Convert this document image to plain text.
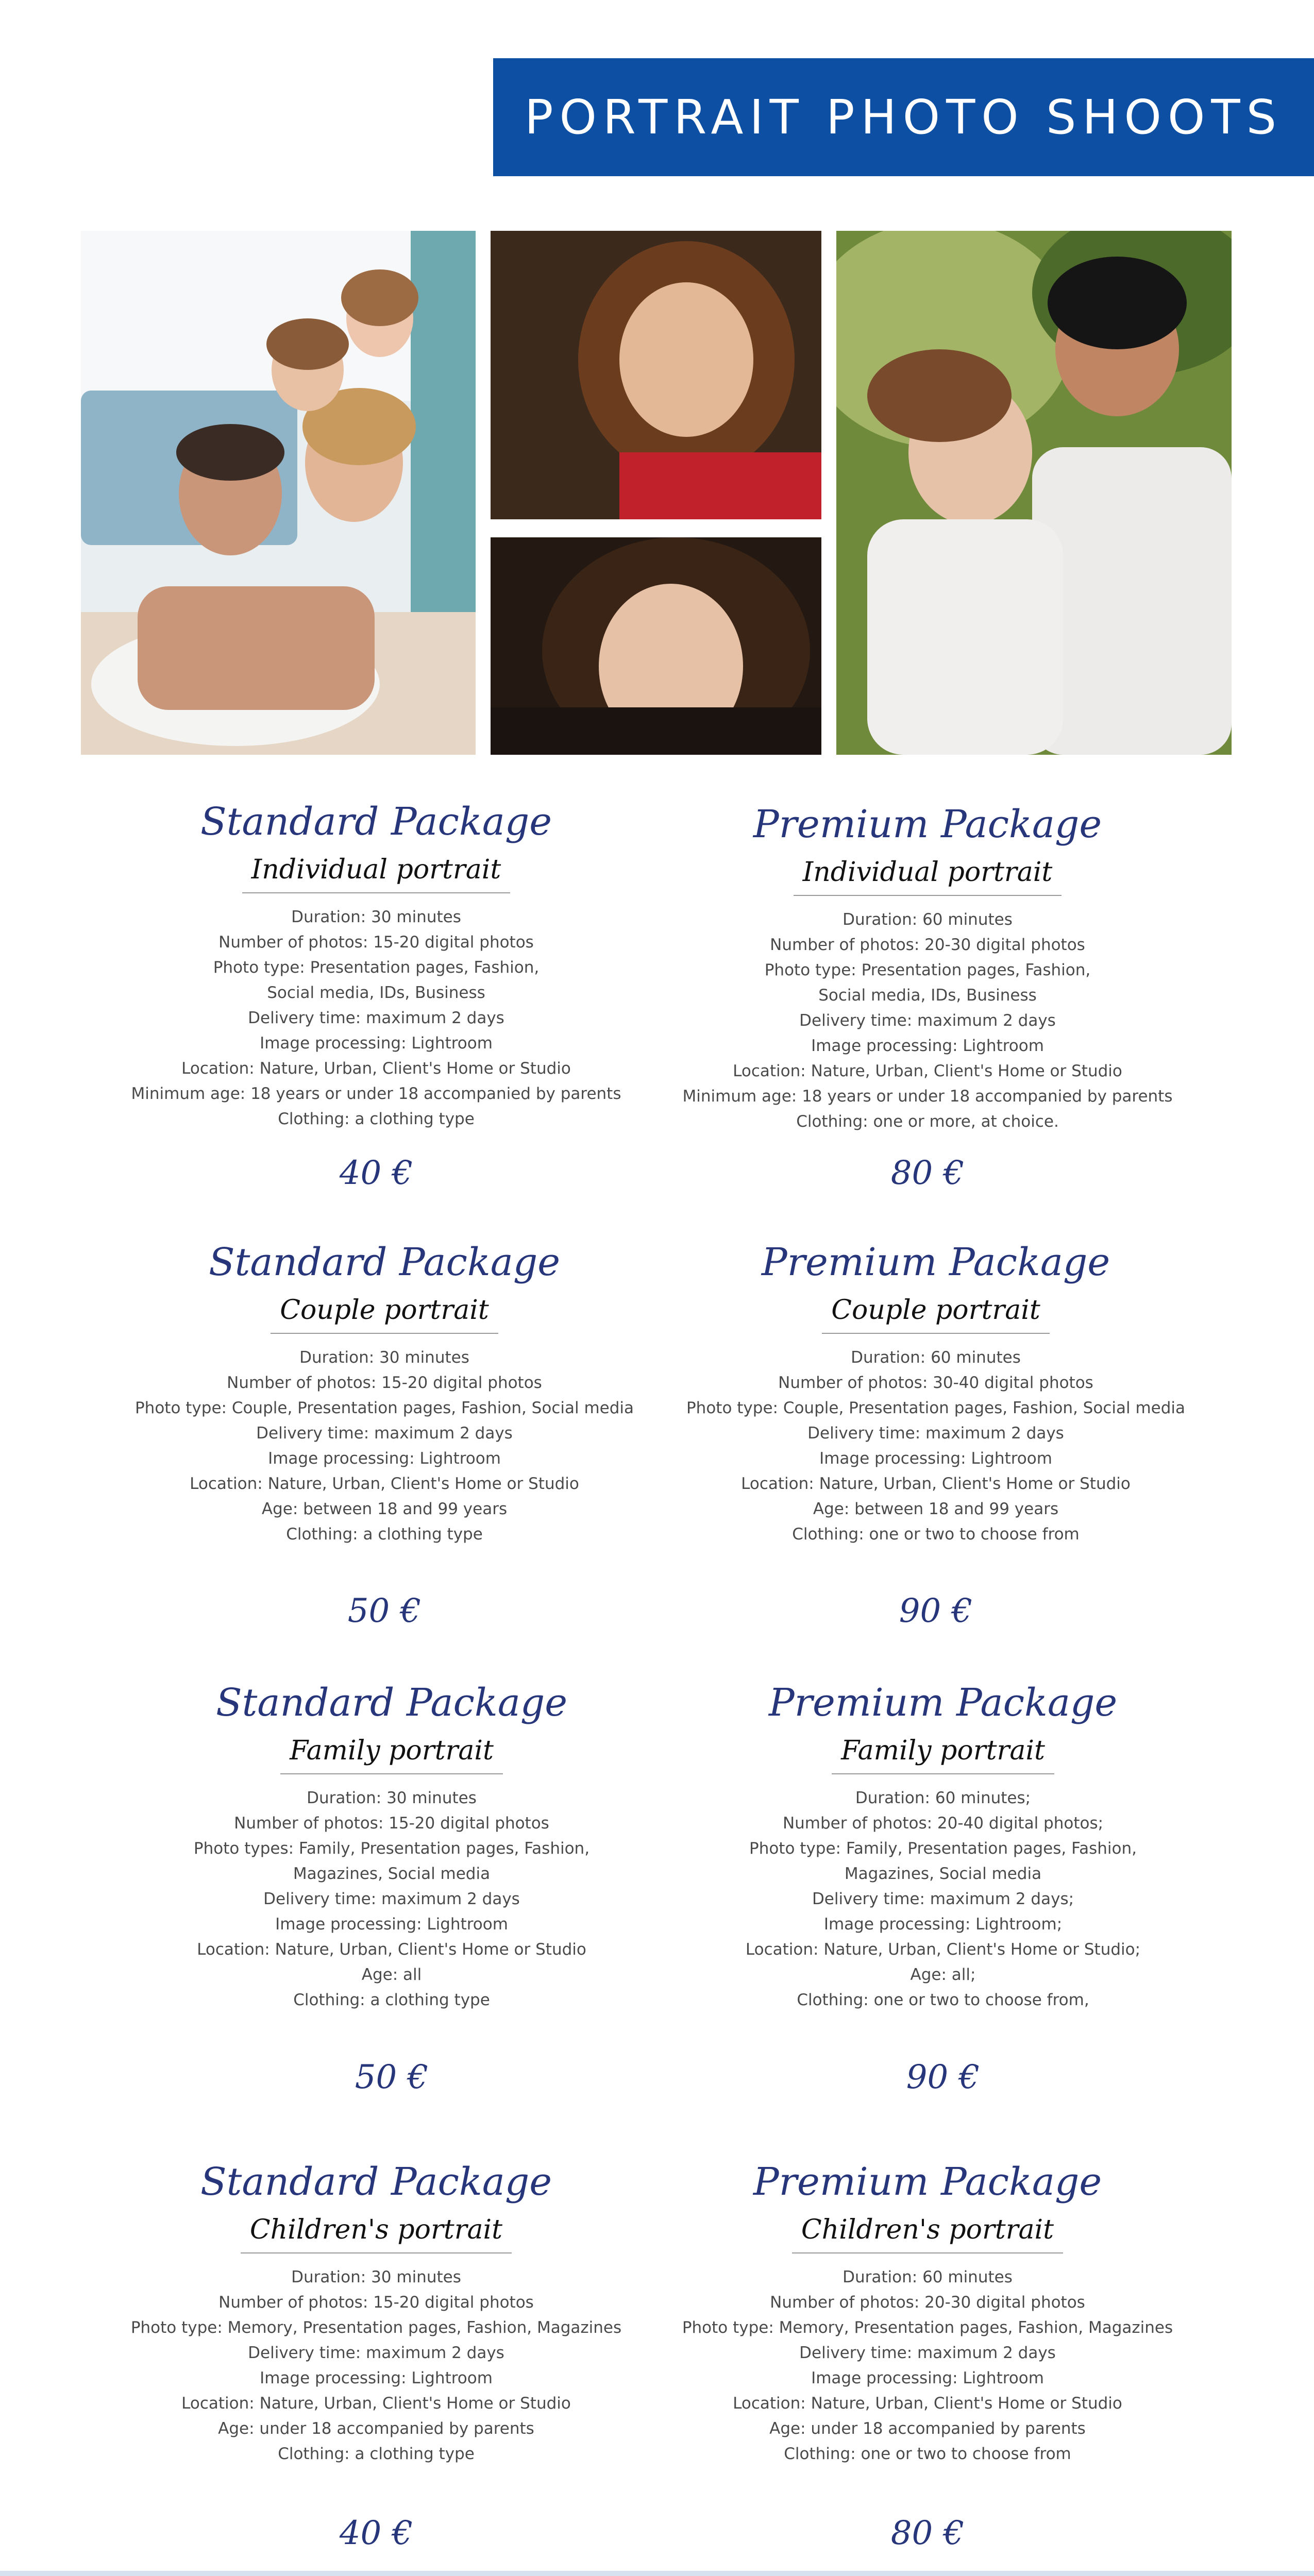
PORTRAIT PHOTO SHOOTS
Standard Package
Individual portrait
Duration: 30 minutes
Number of photos: 15-20 digital photos
Photo type: Presentation pages, Fashion,
Social media, IDs, Business
Delivery time: maximum 2 days
Image processing: Lightroom
Location: Nature, Urban, Client's Home or Studio
Minimum age: 18 years or under 18 accompanied by parents
Clothing: a clothing type
40 €
Premium Package
Individual portrait
Duration: 60 minutes
Number of photos: 20-30 digital photos
Photo type: Presentation pages, Fashion,
Social media, IDs, Business
Delivery time: maximum 2 days
Image processing: Lightroom
Location: Nature, Urban, Client's Home or Studio
Minimum age: 18 years or under 18 accompanied by parents
Clothing: one or more, at choice.
80 €
Standard Package
Couple portrait
Duration: 30 minutes
Number of photos: 15-20 digital photos
Photo type: Couple, Presentation pages, Fashion, Social media
Delivery time: maximum 2 days
Image processing: Lightroom
Location: Nature, Urban, Client's Home or Studio
Age: between 18 and 99 years
Clothing: a clothing type
50 €
Premium Package
Couple portrait
Duration: 60 minutes
Number of photos: 30-40 digital photos
Photo type: Couple, Presentation pages, Fashion, Social media
Delivery time: maximum 2 days
Image processing: Lightroom
Location: Nature, Urban, Client's Home or Studio
Age: between 18 and 99 years
Clothing: one or two to choose from
90 €
Standard Package
Family portrait
Duration: 30 minutes
Number of photos: 15-20 digital photos
Photo types: Family, Presentation pages, Fashion,
Magazines, Social media
Delivery time: maximum 2 days
Image processing: Lightroom
Location: Nature, Urban, Client's Home or Studio
Age: all
Clothing: a clothing type
50 €
Premium Package
Family portrait
Duration: 60 minutes;
Number of photos: 20-40 digital photos;
Photo type: Family, Presentation pages, Fashion,
Magazines, Social media
Delivery time: maximum 2 days;
Image processing: Lightroom;
Location: Nature, Urban, Client's Home or Studio;
Age: all;
Clothing: one or two to choose from,
90 €
Standard Package
Children's portrait
Duration: 30 minutes
Number of photos: 15-20 digital photos
Photo type: Memory, Presentation pages, Fashion, Magazines
Delivery time: maximum 2 days
Image processing: Lightroom
Location: Nature, Urban, Client's Home or Studio
Age: under 18 accompanied by parents
Clothing: a clothing type
40 €
Premium Package
Children's portrait
Duration: 60 minutes
Number of photos: 20-30 digital photos
Photo type: Memory, Presentation pages, Fashion, Magazines
Delivery time: maximum 2 days
Image processing: Lightroom
Location: Nature, Urban, Client's Home or Studio
Age: under 18 accompanied by parents
Clothing: one or two to choose from
80 €
